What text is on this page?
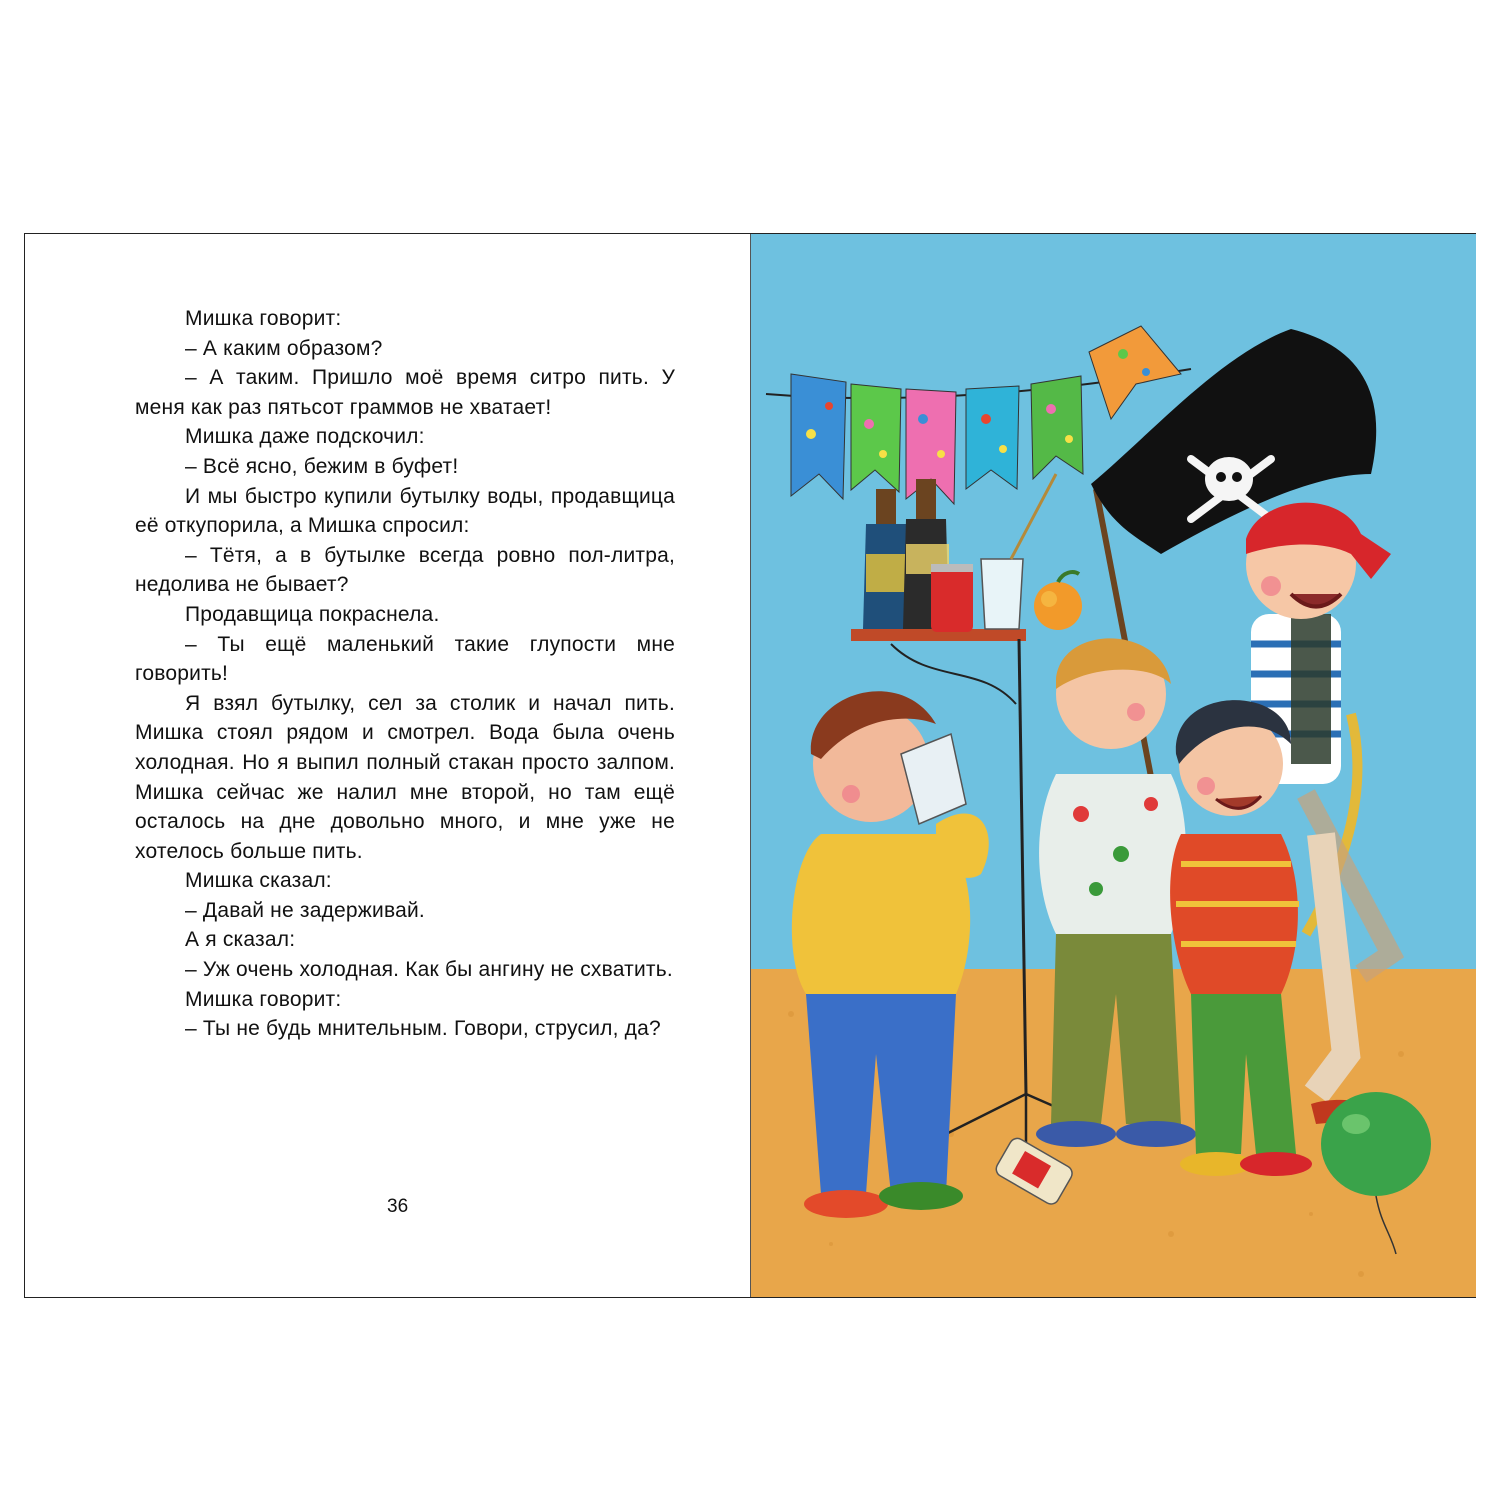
Мишка говорит:

– А каким образом?

– А таким. Пришло моё время ситро пить. У меня как раз пятьсот граммов не хватает!

Мишка даже подскочил:

– Всё ясно, бежим в буфет!

И мы быстро купили бутылку воды, продавщица её откупорила, а Мишка спросил:

– Тётя, а в бутылке всегда ровно пол-литра, недолива не бывает?

Продавщица покраснела.

– Ты ещё маленький такие глупости мне говорить!

Я взял бутылку, сел за столик и начал пить. Мишка стоял рядом и смотрел. Вода была очень холодная. Но я выпил полный стакан просто залпом. Мишка сейчас же налил мне второй, но там ещё осталось на дне довольно много, и мне уже не хотелось больше пить.

Мишка сказал:

– Давай не задерживай.

А я сказал:

– Уж очень холодная. Как бы ангину не схватить.

Мишка говорит:

– Ты не будь мнительным. Говори, струсил, да?

36
